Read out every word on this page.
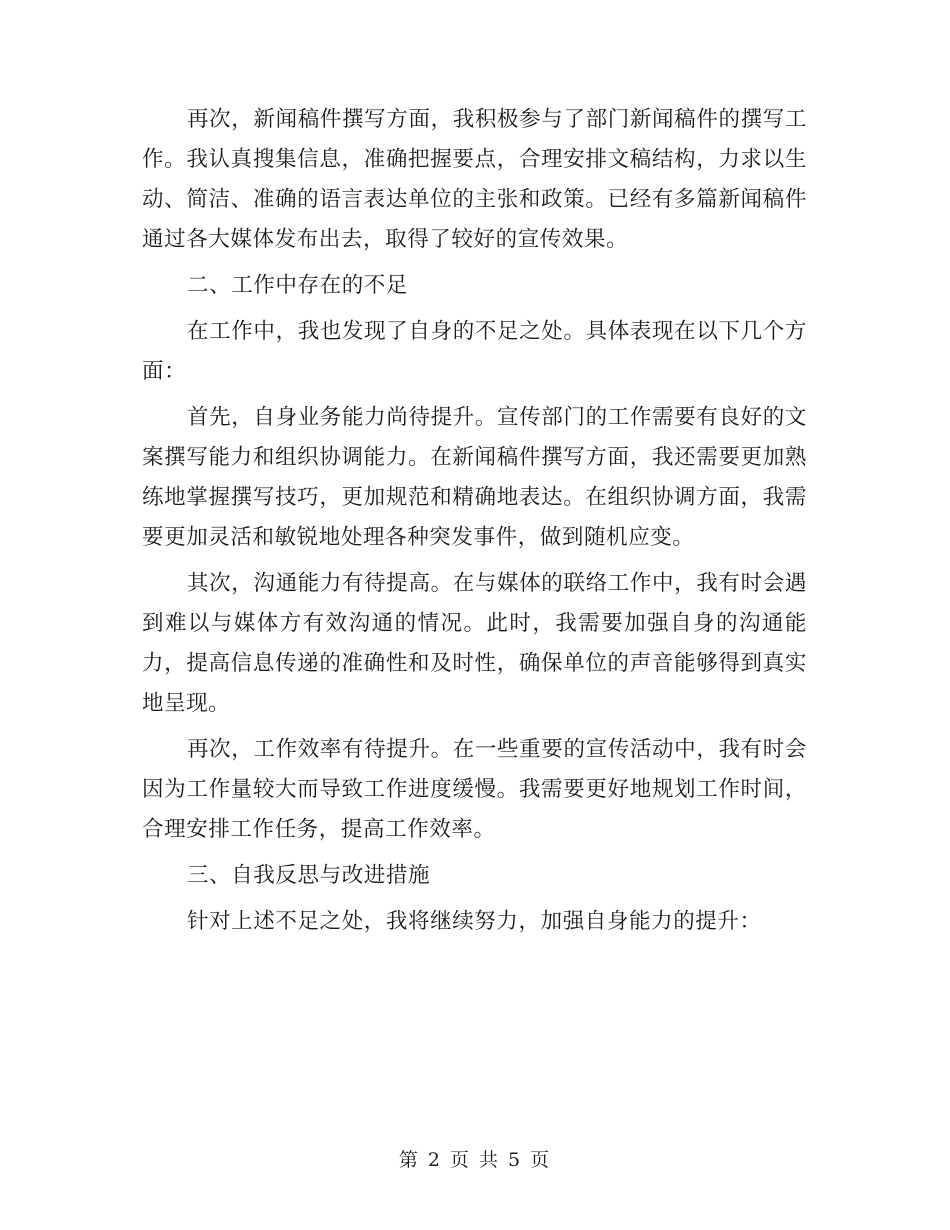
再次，新闻稿件撰写方面，我积极参与了部门新闻稿件的撰写工作。我认真搜集信息，准确把握要点，合理安排文稿结构，力求以生动、简洁、准确的语言表达单位的主张和政策。已经有多篇新闻稿件通过各大媒体发布出去，取得了较好的宣传效果。

二、工作中存在的不足

在工作中，我也发现了自身的不足之处。具体表现在以下几个方面：

首先，自身业务能力尚待提升。宣传部门的工作需要有良好的文案撰写能力和组织协调能力。在新闻稿件撰写方面，我还需要更加熟练地掌握撰写技巧，更加规范和精确地表达。在组织协调方面，我需要更加灵活和敏锐地处理各种突发事件，做到随机应变。

其次，沟通能力有待提高。在与媒体的联络工作中，我有时会遇到难以与媒体方有效沟通的情况。此时，我需要加强自身的沟通能力，提高信息传递的准确性和及时性，确保单位的声音能够得到真实地呈现。

再次，工作效率有待提升。在一些重要的宣传活动中，我有时会因为工作量较大而导致工作进度缓慢。我需要更好地规划工作时间，合理安排工作任务，提高工作效率。

三、自我反思与改进措施

针对上述不足之处，我将继续努力，加强自身能力的提升：

第 2 页 共 5 页
